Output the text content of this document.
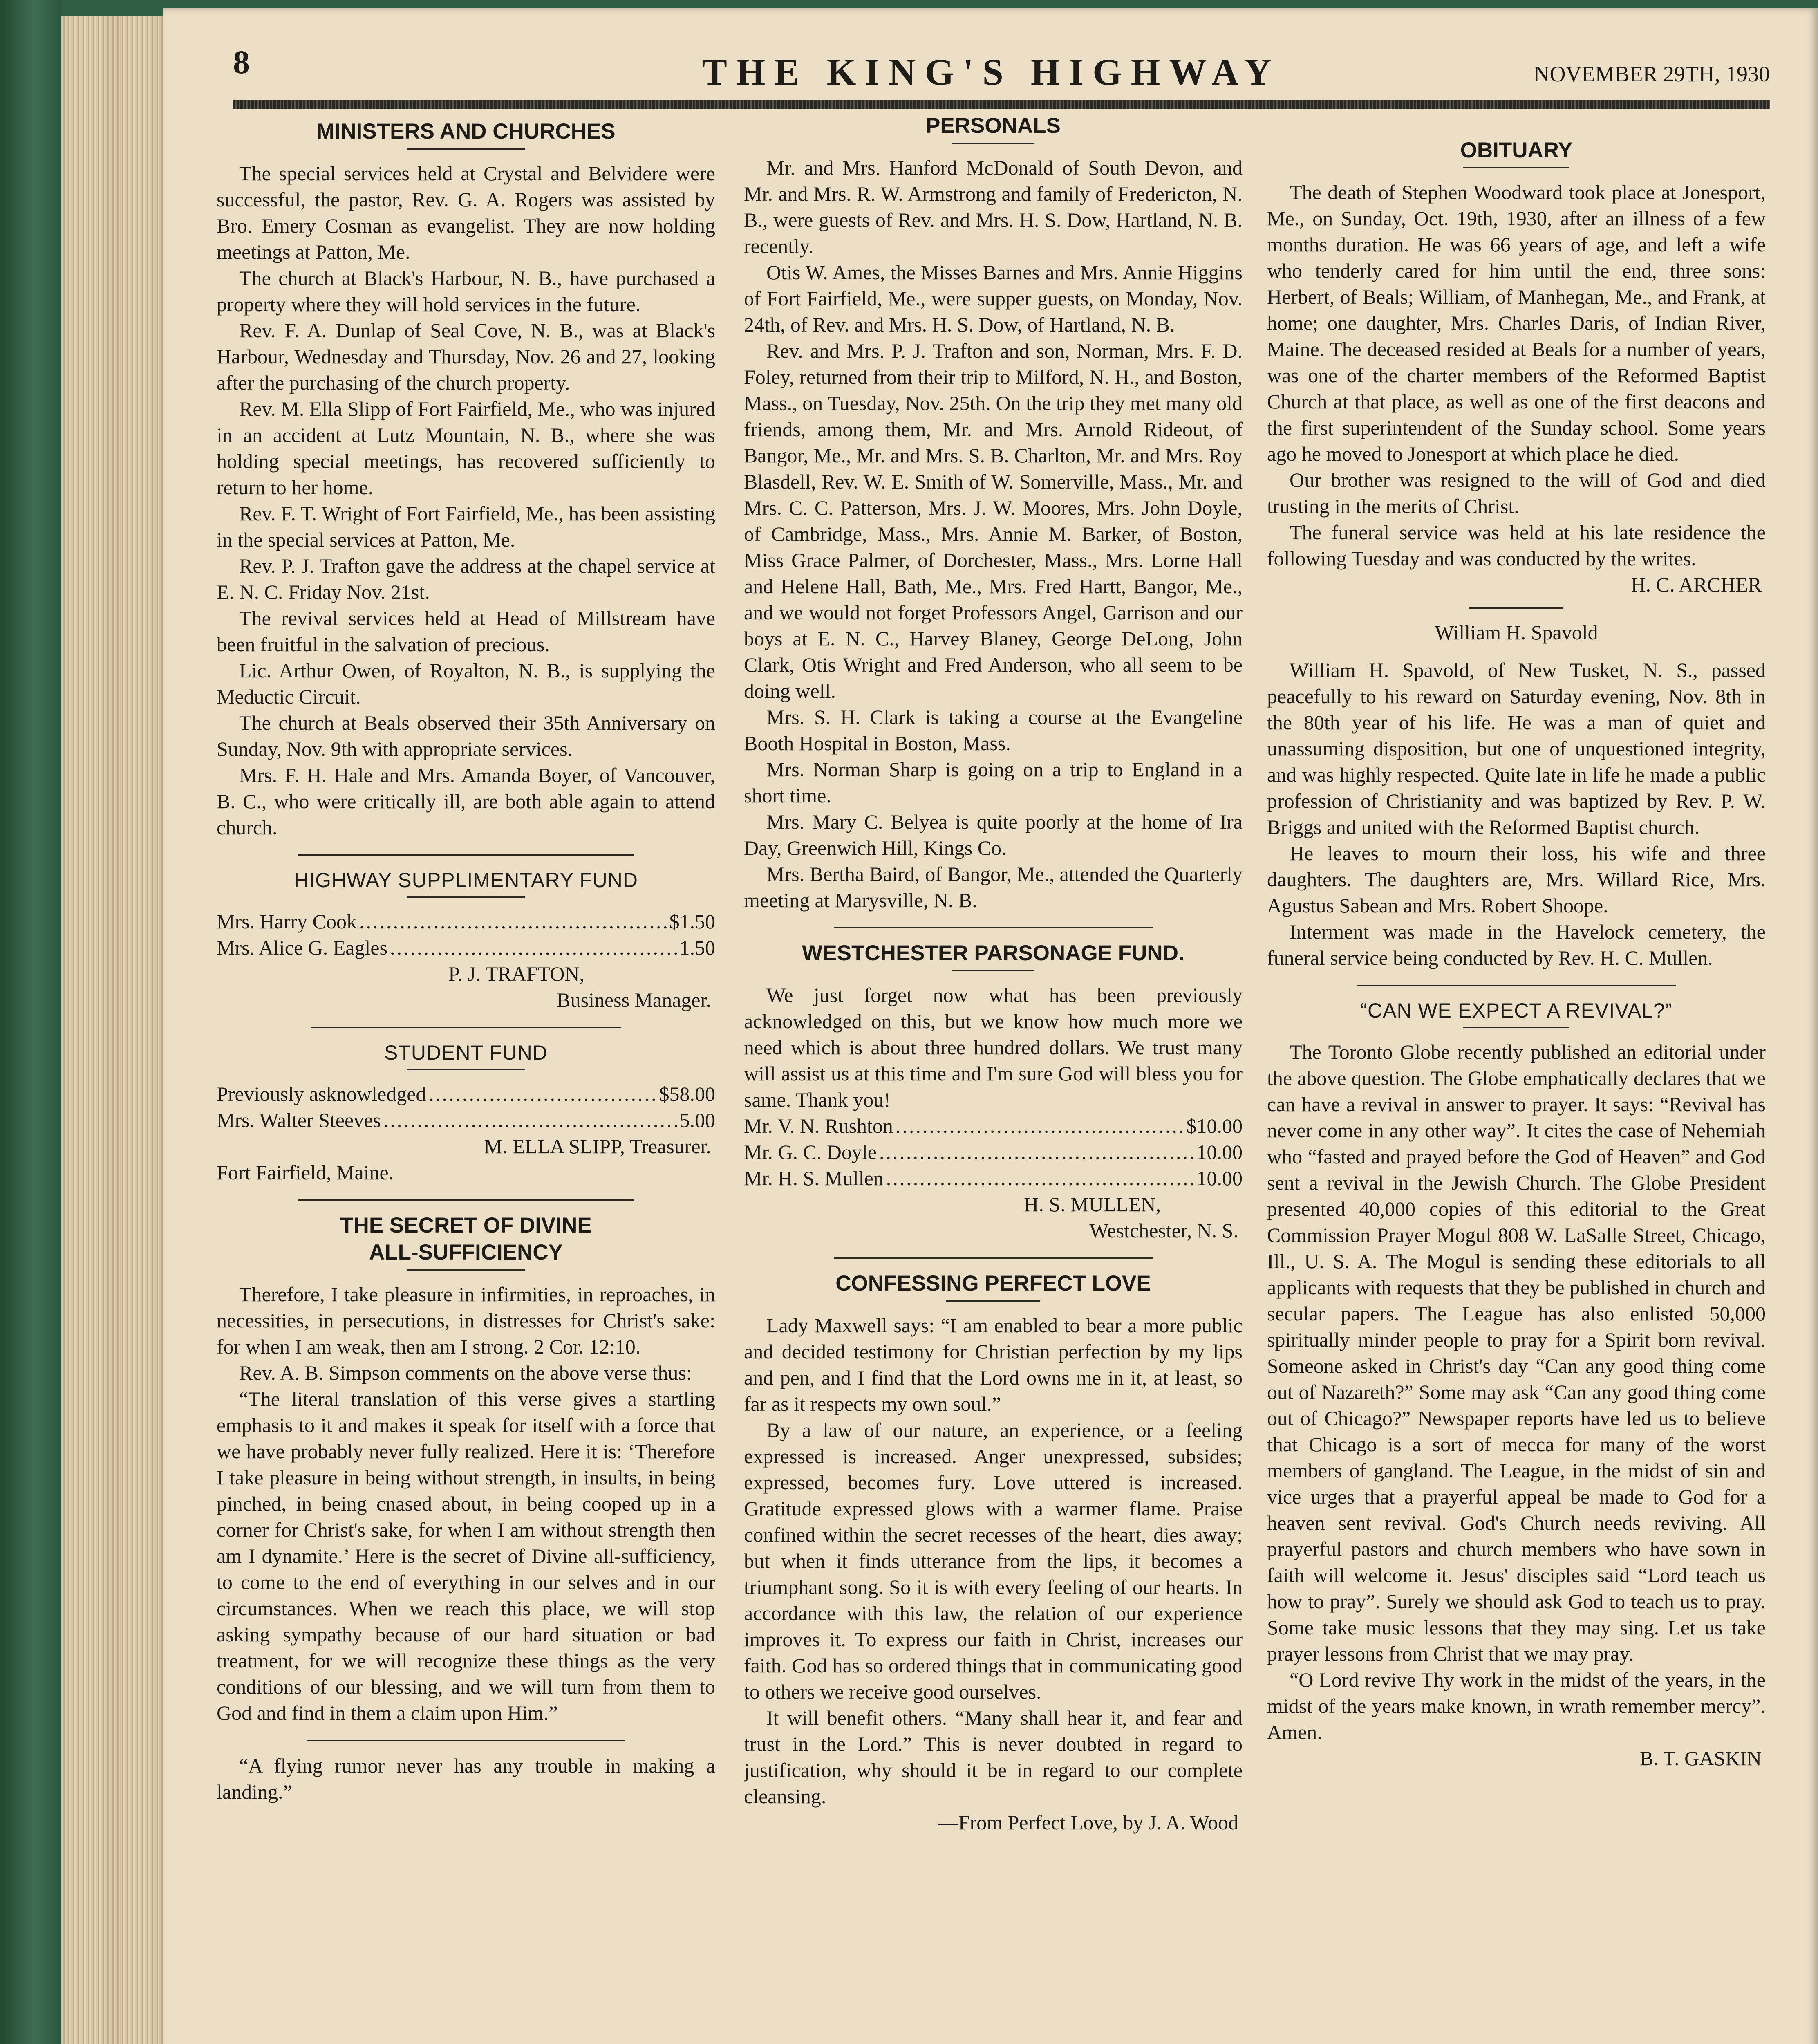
8	THE KING'S HIGHWAY	NOVEMBER 29TH, 1930
MINISTERS AND CHURCHES

The special services held at Crystal and Belvidere were successful, the pastor, Rev. G. A. Rogers was assisted by Bro. Emery Cosman as evangelist. They are now holding meetings at Patton, Me.

The church at Black's Harbour, N. B., have purchased a property where they will hold services in the future.

Rev. F. A. Dunlap of Seal Cove, N. B., was at Black's Harbour, Wednesday and Thursday, Nov. 26 and 27, looking after the purchasing of the church property.

Rev. M. Ella Slipp of Fort Fairfield, Me., who was injured in an accident at Lutz Mountain, N. B., where she was holding special meetings, has recovered sufficiently to return to her home.

Rev. F. T. Wright of Fort Fairfield, Me., has been assisting in the special services at Patton, Me.

Rev. P. J. Trafton gave the address at the chapel service at E. N. C. Friday Nov. 21st.

The revival services held at Head of Millstream have been fruitful in the salvation of precious.

Lic. Arthur Owen, of Royalton, N. B., is supplying the Meductic Circuit.

The church at Beals observed their 35th Anniversary on Sunday, Nov. 9th with appropriate services.

Mrs. F. H. Hale and Mrs. Amanda Boyer, of Vancouver, B. C., who were critically ill, are both able again to attend church.

HIGHWAY SUPPLIMENTARY FUND
Mrs. Harry Cook .....	$1.50
Mrs. Alice G. Eagles .....	1.50

P. J. TRAFTON,

Business Manager.

STUDENT FUND
Previously asknowledged .....	$58.00
Mrs. Walter Steeves .....	5.00

M. ELLA SLIPP, Treasurer.

Fort Fairfield, Maine.

THE SECRET OF DIVINE
ALL-SUFFICIENCY

Therefore, I take pleasure in infirmities, in reproaches, in necessities, in persecutions, in distresses for Christ's sake: for when I am weak, then am I strong. 2 Cor. 12:10.

Rev. A. B. Simpson comments on the above verse thus:

“The literal translation of this verse gives a startling emphasis to it and makes it speak for itself with a force that we have probably never fully realized. Here it is: ‘Therefore I take pleasure in being without strength, in insults, in being pinched, in being cnased about, in being cooped up in a corner for Christ's sake, for when I am without strength then am I dynamite.’ Here is the secret of Divine all-sufficiency, to come to the end of everything in our selves and in our circumstances. When we reach this place, we will stop asking sympathy because of our hard situation or bad treatment, for we will recognize these things as the very conditions of our blessing, and we will turn from them to God and find in them a claim upon Him.”

“A flying rumor never has any trouble in making a landing.”

PERSONALS

Mr. and Mrs. Hanford McDonald of South Devon, and Mr. and Mrs. R. W. Armstrong and family of Fredericton, N. B., were guests of Rev. and Mrs. H. S. Dow, Hartland, N. B. recently.

Otis W. Ames, the Misses Barnes and Mrs. Annie Higgins of Fort Fairfield, Me., were supper guests, on Monday, Nov. 24th, of Rev. and Mrs. H. S. Dow, of Hartland, N. B.

Rev. and Mrs. P. J. Trafton and son, Norman, Mrs. F. D. Foley, returned from their trip to Milford, N. H., and Boston, Mass., on Tuesday, Nov. 25th. On the trip they met many old friends, among them, Mr. and Mrs. Arnold Rideout, of Bangor, Me., Mr. and Mrs. S. B. Charlton, Mr. and Mrs. Roy Blasdell, Rev. W. E. Smith of W. Somerville, Mass., Mr. and Mrs. C. C. Patterson, Mrs. J. W. Moores, Mrs. John Doyle, of Cambridge, Mass., Mrs. Annie M. Barker, of Boston, Miss Grace Palmer, of Dorchester, Mass., Mrs. Lorne Hall and Helene Hall, Bath, Me., Mrs. Fred Hartt, Bangor, Me., and we would not forget Professors Angel, Garrison and our boys at E. N. C., Harvey Blaney, George DeLong, John Clark, Otis Wright and Fred Anderson, who all seem to be doing well.

Mrs. S. H. Clark is taking a course at the Evangeline Booth Hospital in Boston, Mass.

Mrs. Norman Sharp is going on a trip to England in a short time.

Mrs. Mary C. Belyea is quite poorly at the home of Ira Day, Greenwich Hill, Kings Co.

Mrs. Bertha Baird, of Bangor, Me., attended the Quarterly meeting at Marysville, N. B.

WESTCHESTER PARSONAGE FUND.

We just forget now what has been previously acknowledged on this, but we know how much more we need which is about three hundred dollars. We trust many will assist us at this time and I'm sure God will bless you for same. Thank you!

Mr. V. N. Rushton .....	$10.00
Mr. G. C. Doyle .....	10.00
Mr. H. S. Mullen .....	10.00

H. S. MULLEN,

Westchester, N. S.

CONFESSING PERFECT LOVE

Lady Maxwell says: “I am enabled to bear a more public and decided testimony for Christian perfection by my lips and pen, and I find that the Lord owns me in it, at least, so far as it respects my own soul.”

By a law of our nature, an experience, or a feeling expressed is increased. Anger unexpressed, subsides; expressed, becomes fury. Love uttered is increased. Gratitude expressed glows with a warmer flame. Praise confined within the secret recesses of the heart, dies away; but when it finds utterance from the lips, it becomes a triumphant song. So it is with every feeling of our hearts. In accordance with this law, the relation of our experience improves it. To express our faith in Christ, increases our faith. God has so ordered things that in communicating good to others we receive good ourselves.

It will benefit others. “Many shall hear it, and fear and trust in the Lord.” This is never doubted in regard to justification, why should it be in regard to our complete cleansing.

—From Perfect Love, by J. A. Wood

OBITUARY

The death of Stephen Woodward took place at Jonesport, Me., on Sunday, Oct. 19th, 1930, after an illness of a few months duration. He was 66 years of age, and left a wife who tenderly cared for him until the end, three sons: Herbert, of Beals; William, of Manhegan, Me., and Frank, at home; one daughter, Mrs. Charles Daris, of Indian River, Maine. The deceased resided at Beals for a number of years, was one of the charter members of the Reformed Baptist Church at that place, as well as one of the first deacons and the first superintendent of the Sunday school. Some years ago he moved to Jonesport at which place he died.

Our brother was resigned to the will of God and died trusting in the merits of Christ.

The funeral service was held at his late residence the following Tuesday and was conducted by the writes.

H. C. ARCHER

William H. Spavold

William H. Spavold, of New Tusket, N. S., passed peacefully to his reward on Saturday evening, Nov. 8th in the 80th year of his life. He was a man of quiet and unassuming disposition, but one of unquestioned integrity, and was highly respected. Quite late in life he made a public profession of Christianity and was baptized by Rev. P. W. Briggs and united with the Reformed Baptist church.

He leaves to mourn their loss, his wife and three daughters. The daughters are, Mrs. Willard Rice, Mrs. Agustus Sabean and Mrs. Robert Shoope.

Interment was made in the Havelock cemetery, the funeral service being conducted by Rev. H. C. Mullen.

“CAN WE EXPECT A REVIVAL?”

The Toronto Globe recently published an editorial under the above question. The Globe emphatically declares that we can have a revival in answer to prayer. It says: “Revival has never come in any other way”. It cites the case of Nehemiah who “fasted and prayed before the God of Heaven” and God sent a revival in the Jewish Church. The Globe President presented 40,000 copies of this editorial to the Great Commission Prayer Mogul 808 W. LaSalle Street, Chicago, Ill., U. S. A. The Mogul is sending these editorials to all applicants with requests that they be published in church and secular papers. The League has also enlisted 50,000 spiritually minder people to pray for a Spirit born revival. Someone asked in Christ's day “Can any good thing come out of Nazareth?” Some may ask “Can any good thing come out of Chicago?” Newspaper reports have led us to believe that Chicago is a sort of mecca for many of the worst members of gangland. The League, in the midst of sin and vice urges that a prayerful appeal be made to God for a heaven sent revival. God's Church needs reviving. All prayerful pastors and church members who have sown in faith will welcome it. Jesus' disciples said “Lord teach us how to pray”. Surely we should ask God to teach us to pray. Some take music lessons that they may sing. Let us take prayer lessons from Christ that we may pray.

“O Lord revive Thy work in the midst of the years, in the midst of the years make known, in wrath remember mercy”. Amen.

B. T. GASKIN
